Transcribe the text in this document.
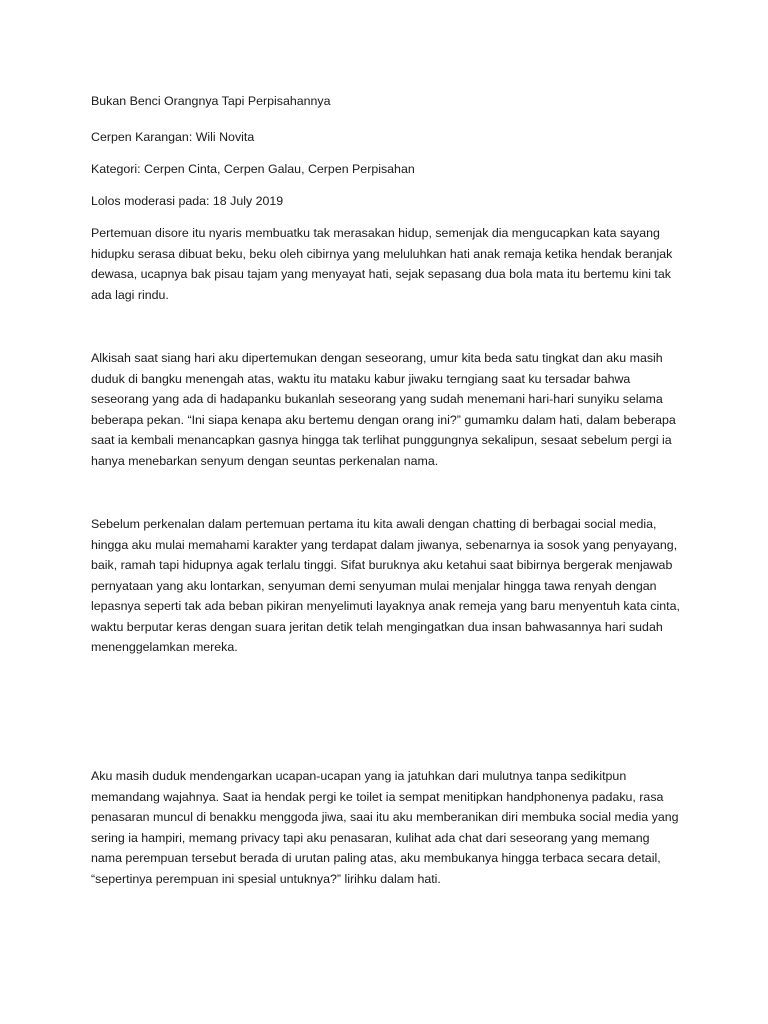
Bukan Benci Orangnya Tapi Perpisahannya

Cerpen Karangan: Wili Novita

Kategori: Cerpen Cinta, Cerpen Galau, Cerpen Perpisahan

Lolos moderasi pada: 18 July 2019

Pertemuan disore itu nyaris membuatku tak merasakan hidup, semenjak dia mengucapkan kata sayang hidupku serasa dibuat beku, beku oleh cibirnya yang meluluhkan hati anak remaja ketika hendak beranjak dewasa, ucapnya bak pisau tajam yang menyayat hati, sejak sepasang dua bola mata itu bertemu kini tak ada lagi rindu.

Alkisah saat siang hari aku dipertemukan dengan seseorang, umur kita beda satu tingkat dan aku masih duduk di bangku menengah atas, waktu itu mataku kabur jiwaku terngiang saat ku tersadar bahwa seseorang yang ada di hadapanku bukanlah seseorang yang sudah menemani hari-hari sunyiku selama beberapa pekan. “Ini siapa kenapa aku bertemu dengan orang ini?” gumamku dalam hati, dalam beberapa saat ia kembali menancapkan gasnya hingga tak terlihat punggungnya sekalipun, sesaat sebelum pergi ia hanya menebarkan senyum dengan seuntas perkenalan nama.

Sebelum perkenalan dalam pertemuan pertama itu kita awali dengan chatting di berbagai social media, hingga aku mulai memahami karakter yang terdapat dalam jiwanya, sebenarnya ia sosok yang penyayang, baik, ramah tapi hidupnya agak terlalu tinggi. Sifat buruknya aku ketahui saat bibirnya bergerak menjawab pernyataan yang aku lontarkan, senyuman demi senyuman mulai menjalar hingga tawa renyah dengan lepasnya seperti tak ada beban pikiran menyelimuti layaknya anak remeja yang baru menyentuh kata cinta, waktu berputar keras dengan suara jeritan detik telah mengingatkan dua insan bahwasannya hari sudah menenggelamkan mereka.

Aku masih duduk mendengarkan ucapan-ucapan yang ia jatuhkan dari mulutnya tanpa sedikitpun memandang wajahnya. Saat ia hendak pergi ke toilet ia sempat menitipkan handphonenya padaku, rasa penasaran muncul di benakku menggoda jiwa, saai itu aku memberanikan diri membuka social media yang sering ia hampiri, memang privacy tapi aku penasaran, kulihat ada chat dari seseorang yang memang nama perempuan tersebut berada di urutan paling atas, aku membukanya hingga terbaca secara detail, “sepertinya perempuan ini spesial untuknya?” lirihku dalam hati.
